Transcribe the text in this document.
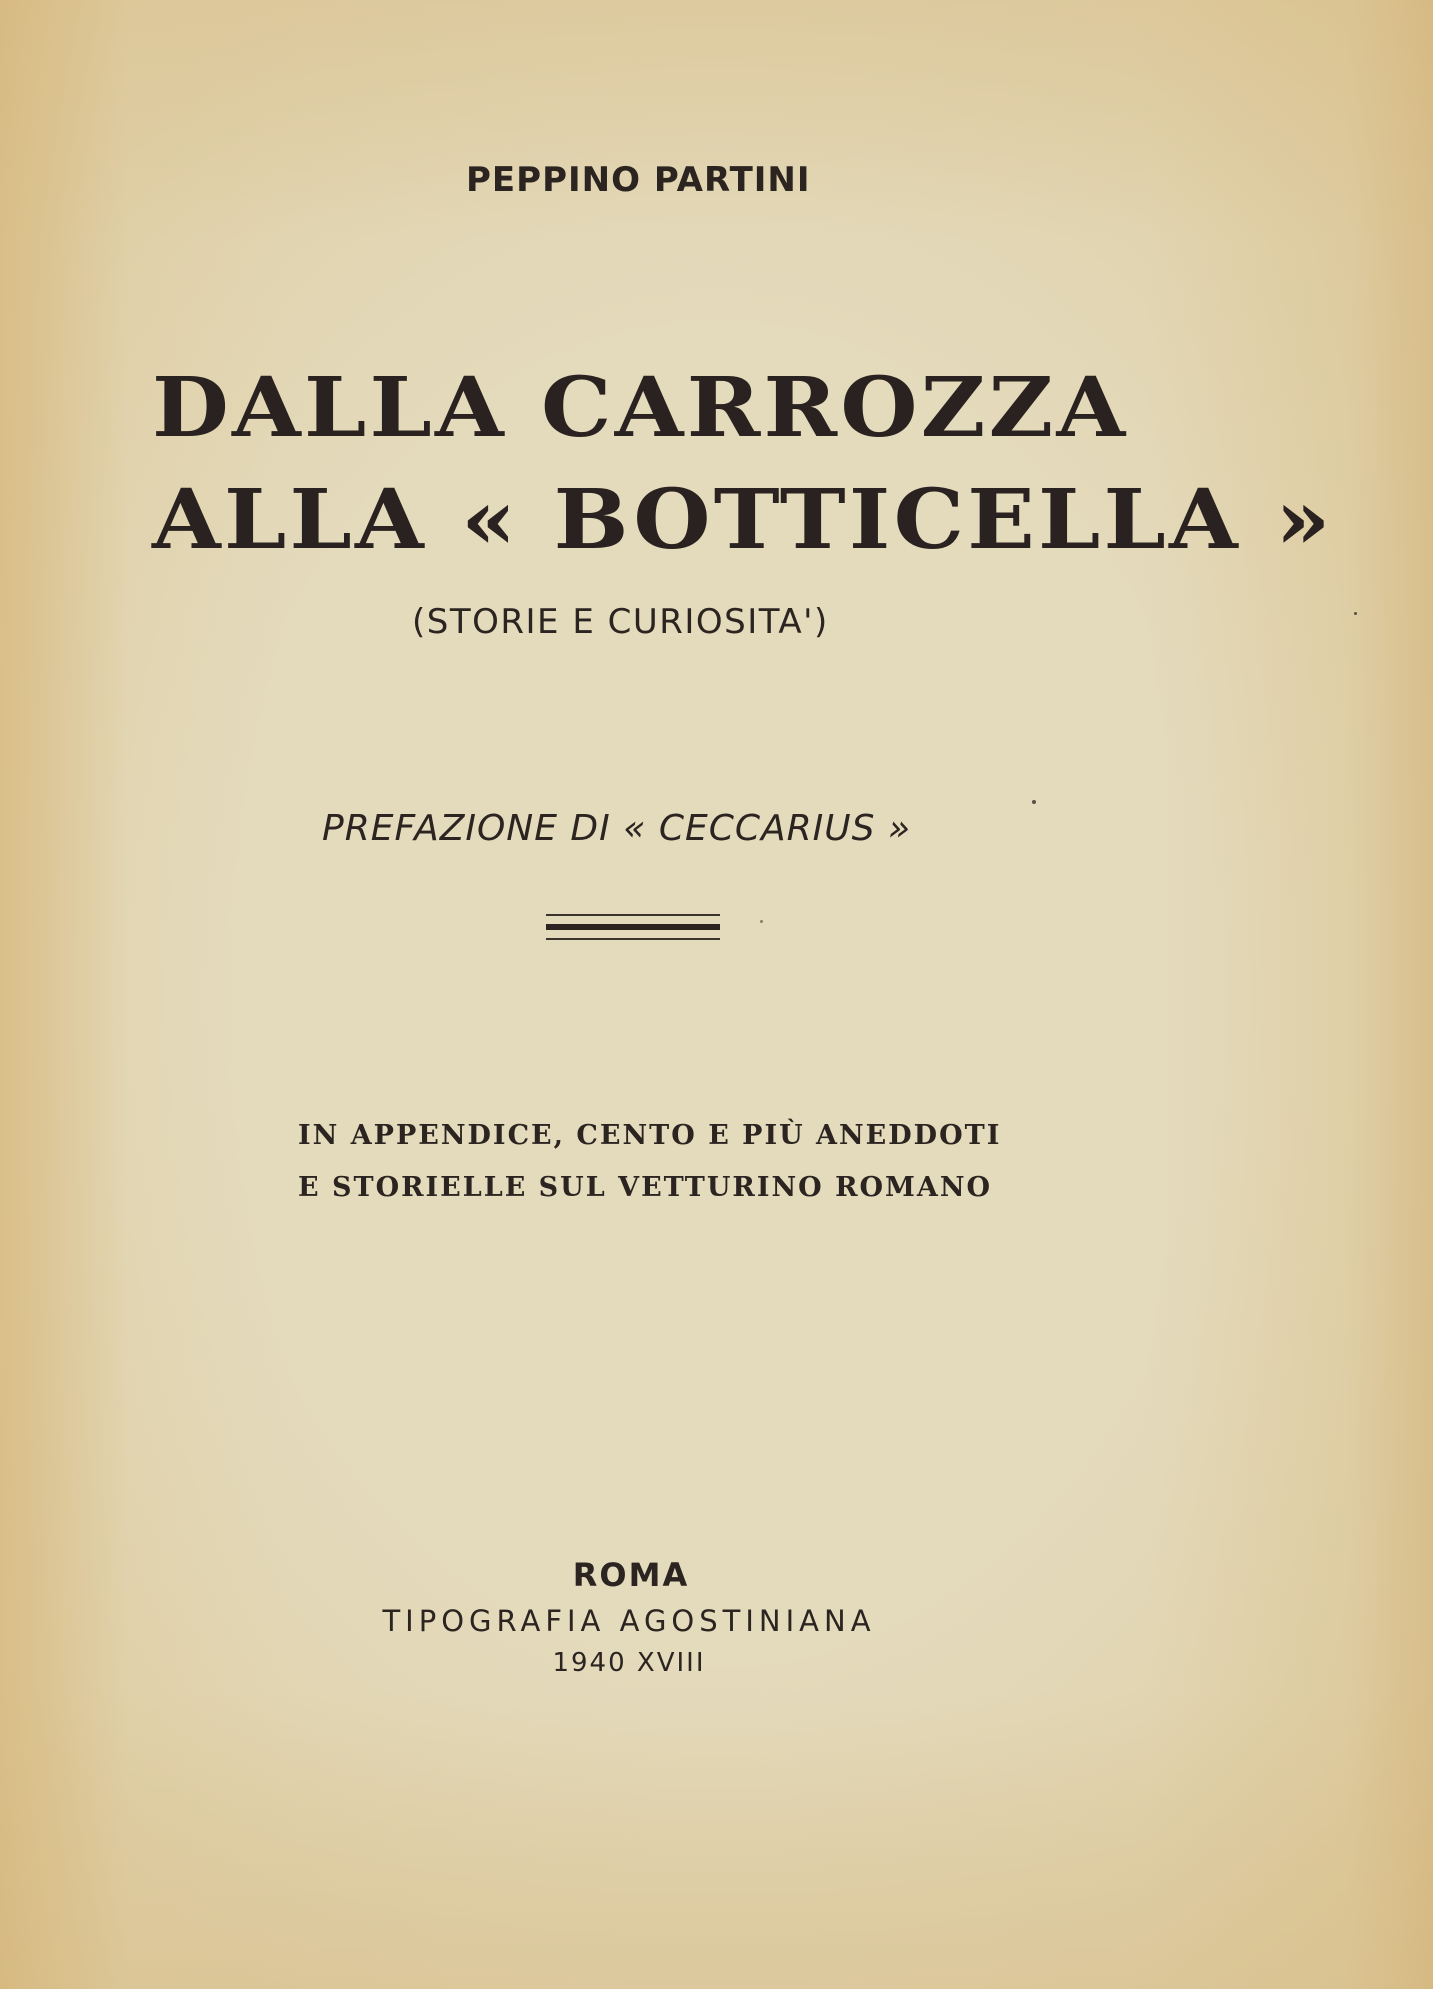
PEPPINO PARTINI
DALLA CARROZZA
ALLA « BOTTICELLA »
(STORIE E CURIOSITA')
PREFAZIONE DI « CECCARIUS »
IN APPENDICE, CENTO E PIÙ ANEDDOTI
E STORIELLE SUL VETTURINO ROMANO
ROMA
TIPOGRAFIA AGOSTINIANA
1940 XVIII
